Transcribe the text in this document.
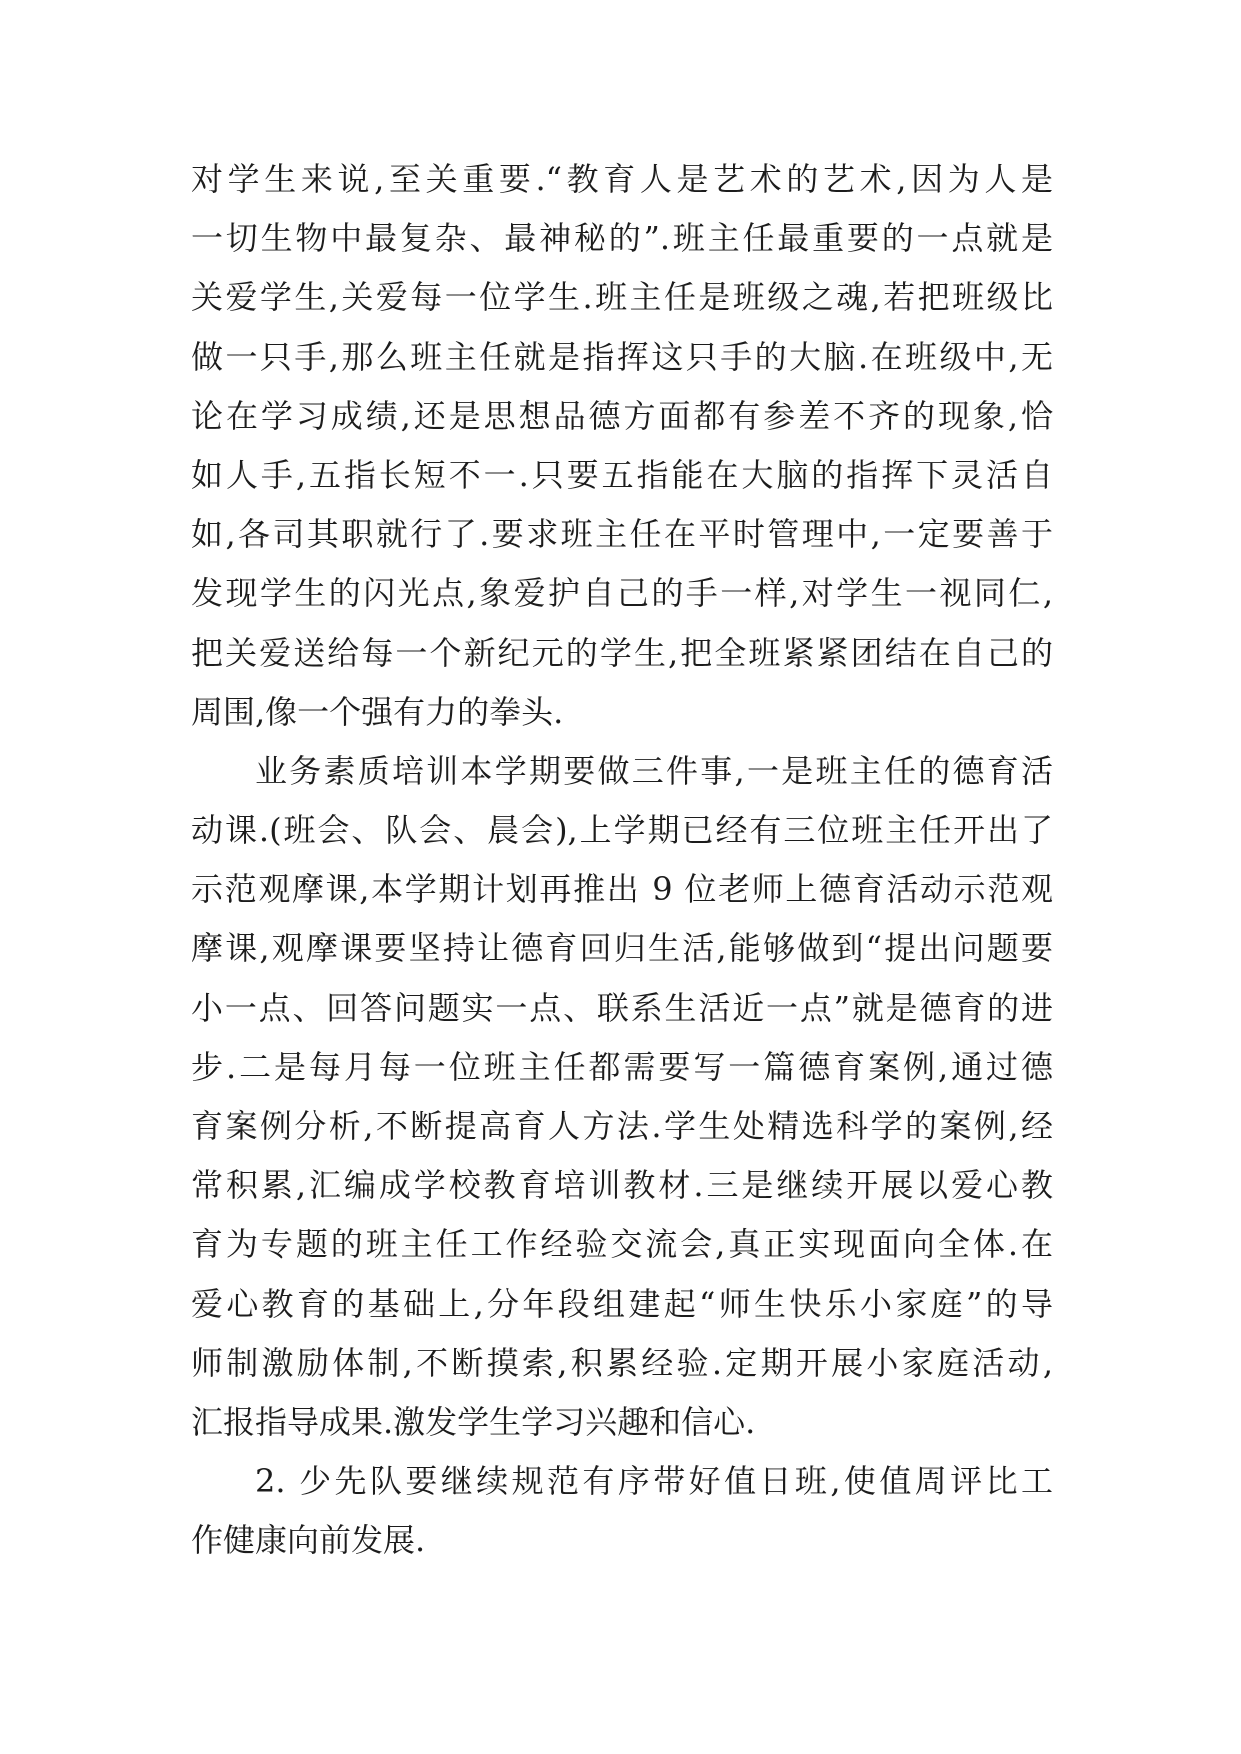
对学生来说,至关重要.“教育人是艺术的艺术,因为人是
一切生物中最复杂、最神秘的”.班主任最重要的一点就是
关爱学生,关爱每一位学生.班主任是班级之魂,若把班级比
做一只手,那么班主任就是指挥这只手的大脑.在班级中,无
论在学习成绩,还是思想品德方面都有参差不齐的现象,恰
如人手,五指长短不一.只要五指能在大脑的指挥下灵活自
如,各司其职就行了.要求班主任在平时管理中,一定要善于
发现学生的闪光点,象爱护自己的手一样,对学生一视同仁,
把关爱送给每一个新纪元的学生,把全班紧紧团结在自己的
周围,像一个强有力的拳头.
业务素质培训本学期要做三件事,一是班主任的德育活
动课.(班会、队会、晨会),上学期已经有三位班主任开出了
示范观摩课,本学期计划再推出 9 位老师上德育活动示范观
摩课,观摩课要坚持让德育回归生活,能够做到“提出问题要
小一点、回答问题实一点、联系生活近一点”就是德育的进
步.二是每月每一位班主任都需要写一篇德育案例,通过德
育案例分析,不断提高育人方法.学生处精选科学的案例,经
常积累,汇编成学校教育培训教材.三是继续开展以爱心教
育为专题的班主任工作经验交流会,真正实现面向全体.在
爱心教育的基础上,分年段组建起“师生快乐小家庭”的导
师制激励体制,不断摸索,积累经验.定期开展小家庭活动,
汇报指导成果.激发学生学习兴趣和信心.
2. 少先队要继续规范有序带好值日班,使值周评比工
作健康向前发展.
